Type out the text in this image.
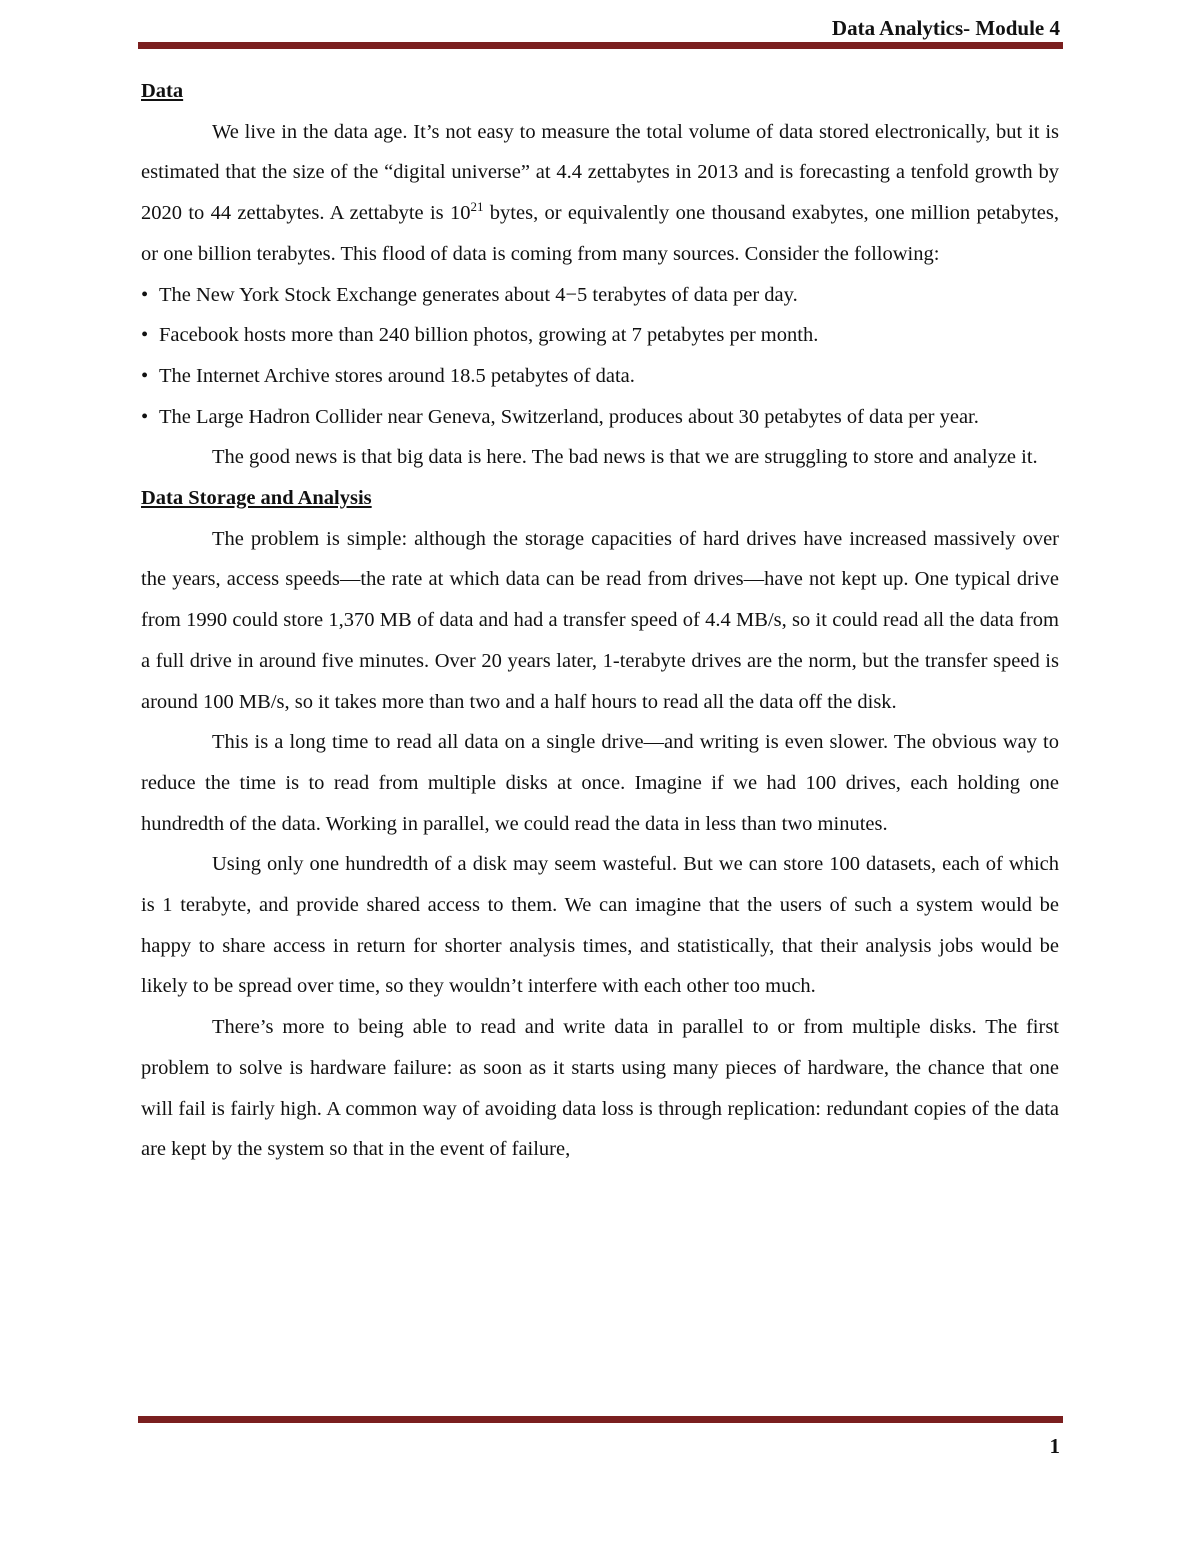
Data Analytics- Module 4
Data

We live in the data age. It’s not easy to measure the total volume of data stored electronically, but it is estimated that the size of the “digital universe” at 4.4 zettabytes in 2013 and is forecasting a tenfold growth by 2020 to 44 zettabytes. A zettabyte is $10^{21}$ bytes, or equivalently one thousand exabytes, one million petabytes, or one billion terabytes. This flood of data is coming from many sources. Consider the following:

• The New York Stock Exchange generates about 4−5 terabytes of data per day.
• Facebook hosts more than 240 billion photos, growing at 7 petabytes per month.
• The Internet Archive stores around 18.5 petabytes of data.
• The Large Hadron Collider near Geneva, Switzerland, produces about 30 petabytes of data per year.

The good news is that big data is here. The bad news is that we are struggling to store and analyze it.

Data Storage and Analysis

The problem is simple: although the storage capacities of hard drives have increased massively over the years, access speeds—the rate at which data can be read from drives—have not kept up. One typical drive from 1990 could store 1,370 MB of data and had a transfer speed of 4.4 MB/s, so it could read all the data from a full drive in around five minutes. Over 20 years later, 1-terabyte drives are the norm, but the transfer speed is around 100 MB/s, so it takes more than two and a half hours to read all the data off the disk.

This is a long time to read all data on a single drive—and writing is even slower. The obvious way to reduce the time is to read from multiple disks at once. Imagine if we had 100 drives, each holding one hundredth of the data. Working in parallel, we could read the data in less than two minutes.

Using only one hundredth of a disk may seem wasteful. But we can store 100 datasets, each of which is 1 terabyte, and provide shared access to them. We can imagine that the users of such a system would be happy to share access in return for shorter analysis times, and statistically, that their analysis jobs would be likely to be spread over time, so they wouldn’t interfere with each other too much.

There’s more to being able to read and write data in parallel to or from multiple disks. The first problem to solve is hardware failure: as soon as it starts using many pieces of hardware, the chance that one will fail is fairly high. A common way of avoiding data loss is through replication: redundant copies of the data are kept by the system so that in the event of failure,

1
